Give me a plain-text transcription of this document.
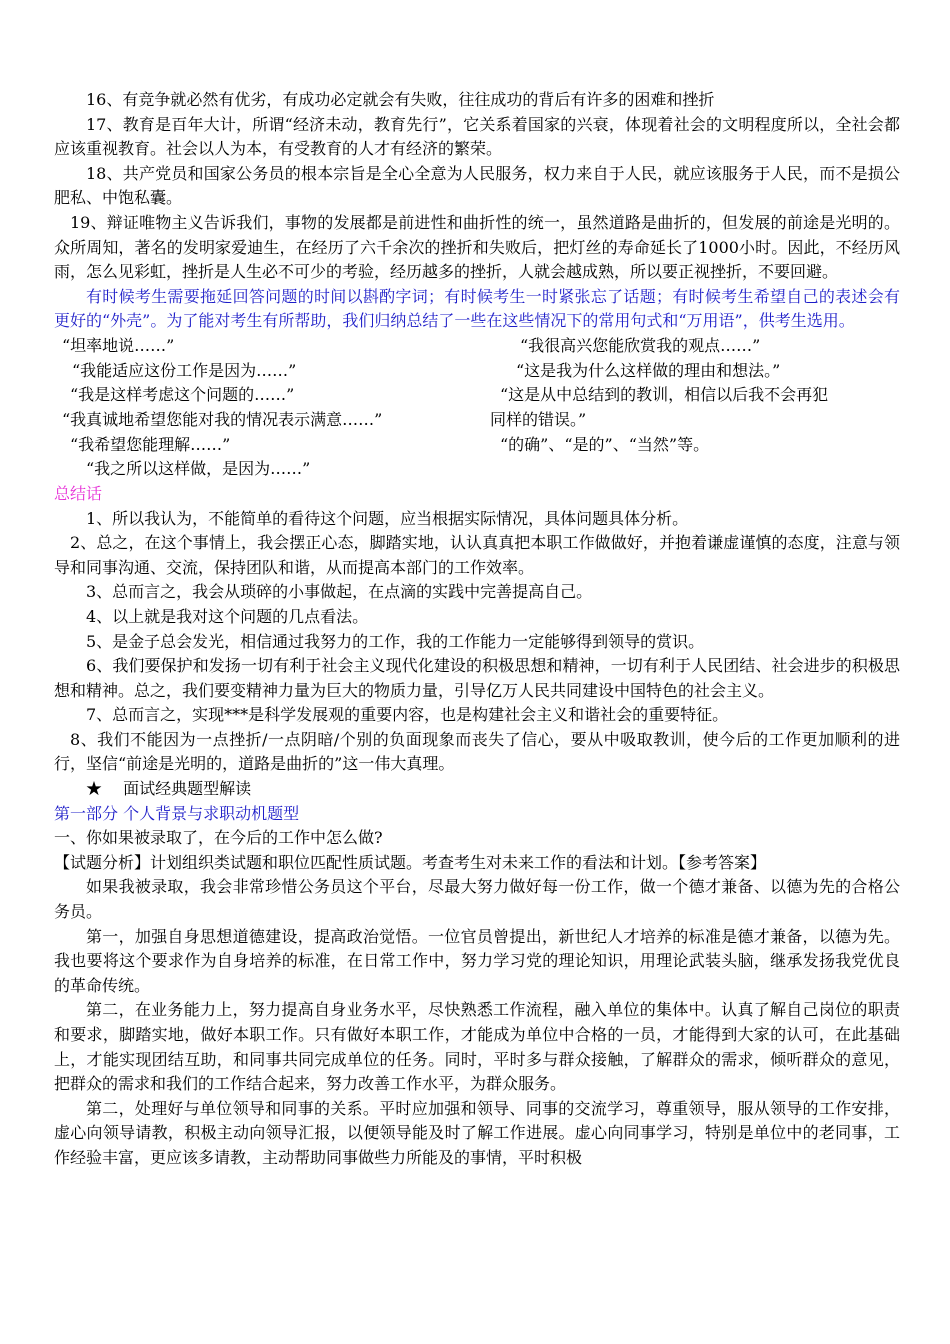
16、有竞争就必然有优劣，有成功必定就会有失败，往往成功的背后有许多的困难和挫折

17、教育是百年大计，所谓“经济未动，教育先行”，它关系着国家的兴衰，体现着社会的文明程度所以，全社会都应该重视教育。社会以人为本，有受教育的人才有经济的繁荣。

18、共产党员和国家公务员的根本宗旨是全心全意为人民服务，权力来自于人民，就应该服务于人民，而不是损公肥私、中饱私囊。

19、辩证唯物主义告诉我们，事物的发展都是前进性和曲折性的统一，虽然道路是曲折的，但发展的前途是光明的。众所周知，著名的发明家爱迪生，在经历了六千余次的挫折和失败后，把灯丝的寿命延长了1000小时。因此，不经历风雨，怎么见彩虹，挫折是人生必不可少的考验，经历越多的挫折，人就会越成熟，所以要正视挫折，不要回避。

有时候考生需要拖延回答问题的时间以斟酌字词；有时候考生一时紧张忘了话题；有时候考生希望自己的表述会有更好的“外壳”。为了能对考生有所帮助，我们归纳总结了一些在这些情况下的常用句式和“万用语”，供考生选用。

“坦率地说……”
“我能适应这份工作是因为……”
“我是这样考虑这个问题的……”
“我真诚地希望您能对我的情况表示满意……”
“我希望您能理解……”
“我之所以这样做，是因为……”
“我很高兴您能欣赏我的观点……”
“这是我为什么这样做的理由和想法。”
“这是从中总结到的教训，相信以后我不会再犯
同样的错误。”
“的确”、“是的”、“当然”等。

总结话

1、所以我认为，不能简单的看待这个问题，应当根据实际情况，具体问题具体分析。

2、总之，在这个事情上，我会摆正心态，脚踏实地，认认真真把本职工作做做好，并抱着谦虚谨慎的态度，注意与领导和同事沟通、交流，保持团队和谐，从而提高本部门的工作效率。

3、总而言之，我会从琐碎的小事做起，在点滴的实践中完善提高自己。

4、以上就是我对这个问题的几点看法。

5、是金子总会发光，相信通过我努力的工作，我的工作能力一定能够得到领导的赏识。

6、我们要保护和发扬一切有利于社会主义现代化建设的积极思想和精神，一切有利于人民团结、社会进步的积极思想和精神。总之，我们要变精神力量为巨大的物质力量，引导亿万人民共同建设中国特色的社会主义。

7、总而言之，实现***是科学发展观的重要内容，也是构建社会主义和谐社会的重要特征。

8、我们不能因为一点挫折/一点阴暗/个别的负面现象而丧失了信心，要从中吸取教训，使今后的工作更加顺利的进行，坚信“前途是光明的，道路是曲折的”这一伟大真理。

★　 面试经典题型解读

第一部分 个人背景与求职动机题型

一、你如果被录取了，在今后的工作中怎么做?

【试题分析】计划组织类试题和职位匹配性质试题。考查考生对未来工作的看法和计划。【参考答案】

如果我被录取，我会非常珍惜公务员这个平台，尽最大努力做好每一份工作，做一个德才兼备、以德为先的合格公务员。

第一，加强自身思想道德建设，提高政治觉悟。一位官员曾提出，新世纪人才培养的标准是德才兼备，以德为先。我也要将这个要求作为自身培养的标准，在日常工作中，努力学习党的理论知识，用理论武装头脑，继承发扬我党优良的革命传统。

第二，在业务能力上，努力提高自身业务水平，尽快熟悉工作流程，融入单位的集体中。认真了解自己岗位的职责和要求，脚踏实地，做好本职工作。只有做好本职工作，才能成为单位中合格的一员，才能得到大家的认可，在此基础上，才能实现团结互助，和同事共同完成单位的任务。同时，平时多与群众接触，了解群众的需求，倾听群众的意见，把群众的需求和我们的工作结合起来，努力改善工作水平，为群众服务。

第二，处理好与单位领导和同事的关系。平时应加强和领导、同事的交流学习，尊重领导，服从领导的工作安排，虚心向领导请教，积极主动向领导汇报，以便领导能及时了解工作进展。虚心向同事学习，特别是单位中的老同事，工作经验丰富，更应该多请教，主动帮助同事做些力所能及的事情，平时积极
